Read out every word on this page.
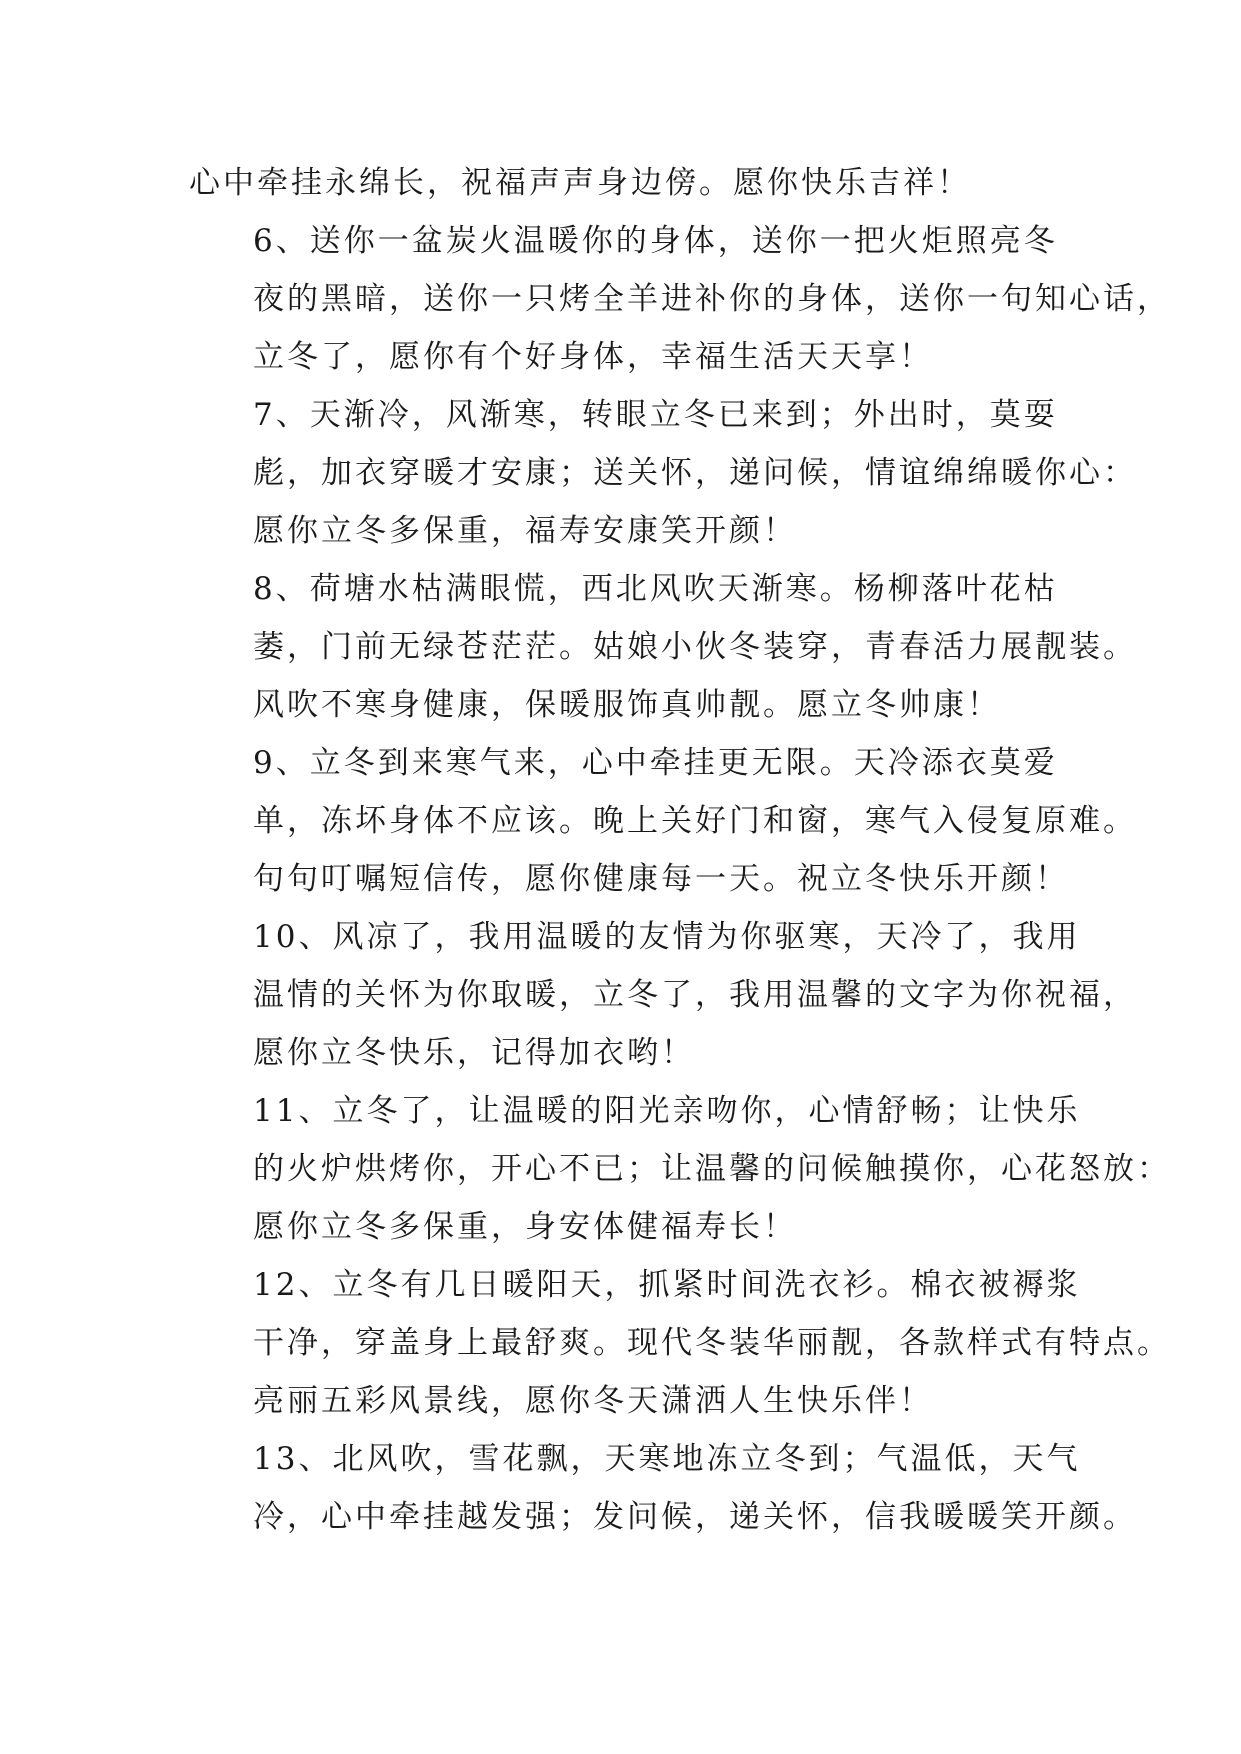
心中牵挂永绵长，祝福声声身边傍。愿你快乐吉祥！

6、送你一盆炭火温暖你的身体，送你一把火炬照亮冬
夜的黑暗，送你一只烤全羊进补你的身体，送你一句知心话，
立冬了，愿你有个好身体，幸福生活天天享！

7、天渐冷，风渐寒，转眼立冬已来到；外出时，莫耍
彪，加衣穿暖才安康；送关怀，递问候，情谊绵绵暖你心：
愿你立冬多保重，福寿安康笑开颜！

8、荷塘水枯满眼慌，西北风吹天渐寒。杨柳落叶花枯
萎，门前无绿苍茫茫。姑娘小伙冬装穿，青春活力展靓装。
风吹不寒身健康，保暖服饰真帅靓。愿立冬帅康！

9、立冬到来寒气来，心中牵挂更无限。天冷添衣莫爱
单，冻坏身体不应该。晚上关好门和窗，寒气入侵复原难。
句句叮嘱短信传，愿你健康每一天。祝立冬快乐开颜！

10、风凉了，我用温暖的友情为你驱寒，天冷了，我用
温情的关怀为你取暖，立冬了，我用温馨的文字为你祝福，
愿你立冬快乐，记得加衣哟！

11、立冬了，让温暖的阳光亲吻你，心情舒畅；让快乐
的火炉烘烤你，开心不已；让温馨的问候触摸你，心花怒放：
愿你立冬多保重，身安体健福寿长！

12、立冬有几日暖阳天，抓紧时间洗衣衫。棉衣被褥浆
干净，穿盖身上最舒爽。现代冬装华丽靓，各款样式有特点。
亮丽五彩风景线，愿你冬天潇洒人生快乐伴！

13、北风吹，雪花飘，天寒地冻立冬到；气温低，天气
冷，心中牵挂越发强；发问候，递关怀，信我暖暖笑开颜。
